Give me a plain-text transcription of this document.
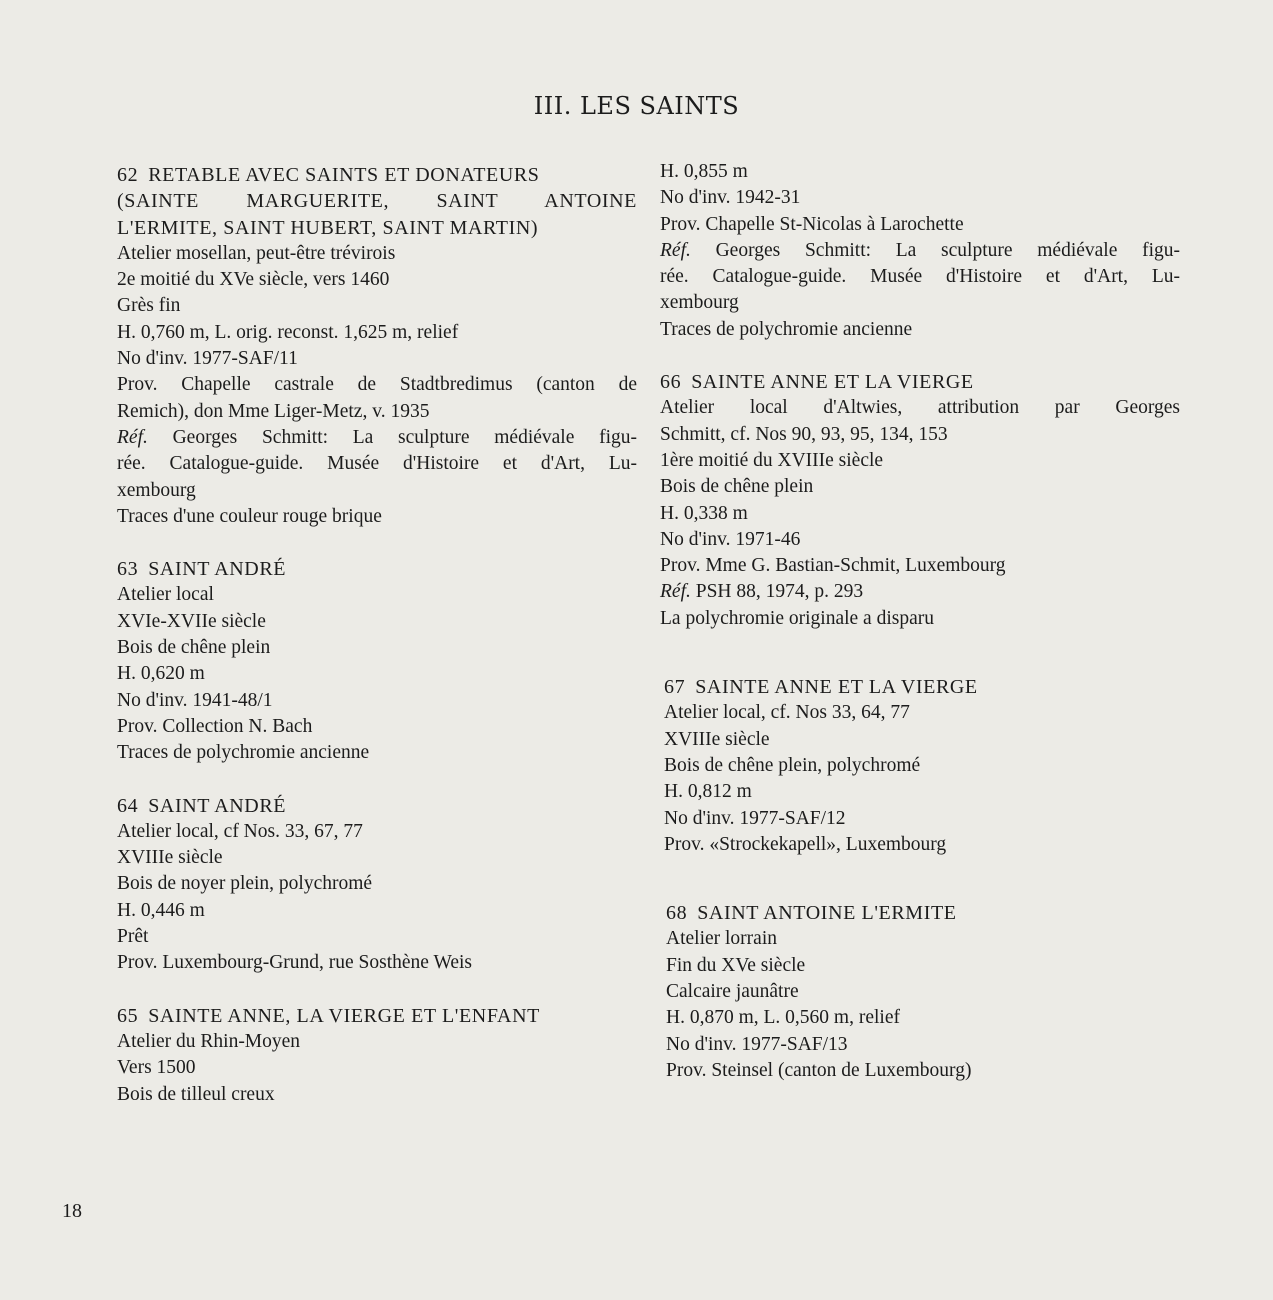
III. LES SAINTS
62 RETABLE AVEC SAINTS ET DONATEURS
(SAINTE MARGUERITE, SAINT ANTOINE
L'ERMITE, SAINT HUBERT, SAINT MARTIN)
Atelier mosellan, peut-être trévirois
2e moitié du XVe siècle, vers 1460
Grès fin
H. 0,760 m, L. orig. reconst. 1,625 m, relief
No d'inv. 1977-SAF/11
Prov. Chapelle castrale de Stadtbredimus (canton de
Remich), don Mme Liger-Metz, v. 1935
Réf. Georges Schmitt: La sculpture médiévale figu-
rée. Catalogue-guide. Musée d'Histoire et d'Art, Lu-
xembourg
Traces d'une couleur rouge brique
63 SAINT ANDRÉ
Atelier local
XVIe-XVIIe siècle
Bois de chêne plein
H. 0,620 m
No d'inv. 1941-48/1
Prov. Collection N. Bach
Traces de polychromie ancienne
64 SAINT ANDRÉ
Atelier local, cf Nos. 33, 67, 77
XVIIIe siècle
Bois de noyer plein, polychromé
H. 0,446 m
Prêt
Prov. Luxembourg-Grund, rue Sosthène Weis
65 SAINTE ANNE, LA VIERGE ET L'ENFANT
Atelier du Rhin-Moyen
Vers 1500
Bois de tilleul creux
H. 0,855 m
No d'inv. 1942-31
Prov. Chapelle St-Nicolas à Larochette
Réf. Georges Schmitt: La sculpture médiévale figu-
rée. Catalogue-guide. Musée d'Histoire et d'Art, Lu-
xembourg
Traces de polychromie ancienne
66 SAINTE ANNE ET LA VIERGE
Atelier local d'Altwies, attribution par Georges
Schmitt, cf. Nos 90, 93, 95, 134, 153
1ère moitié du XVIIIe siècle
Bois de chêne plein
H. 0,338 m
No d'inv. 1971-46
Prov. Mme G. Bastian-Schmit, Luxembourg
Réf. PSH 88, 1974, p. 293
La polychromie originale a disparu
67 SAINTE ANNE ET LA VIERGE
Atelier local, cf. Nos 33, 64, 77
XVIIIe siècle
Bois de chêne plein, polychromé
H. 0,812 m
No d'inv. 1977-SAF/12
Prov. «Strockekapell», Luxembourg
68 SAINT ANTOINE L'ERMITE
Atelier lorrain
Fin du XVe siècle
Calcaire jaunâtre
H. 0,870 m, L. 0,560 m, relief
No d'inv. 1977-SAF/13
Prov. Steinsel (canton de Luxembourg)
18
